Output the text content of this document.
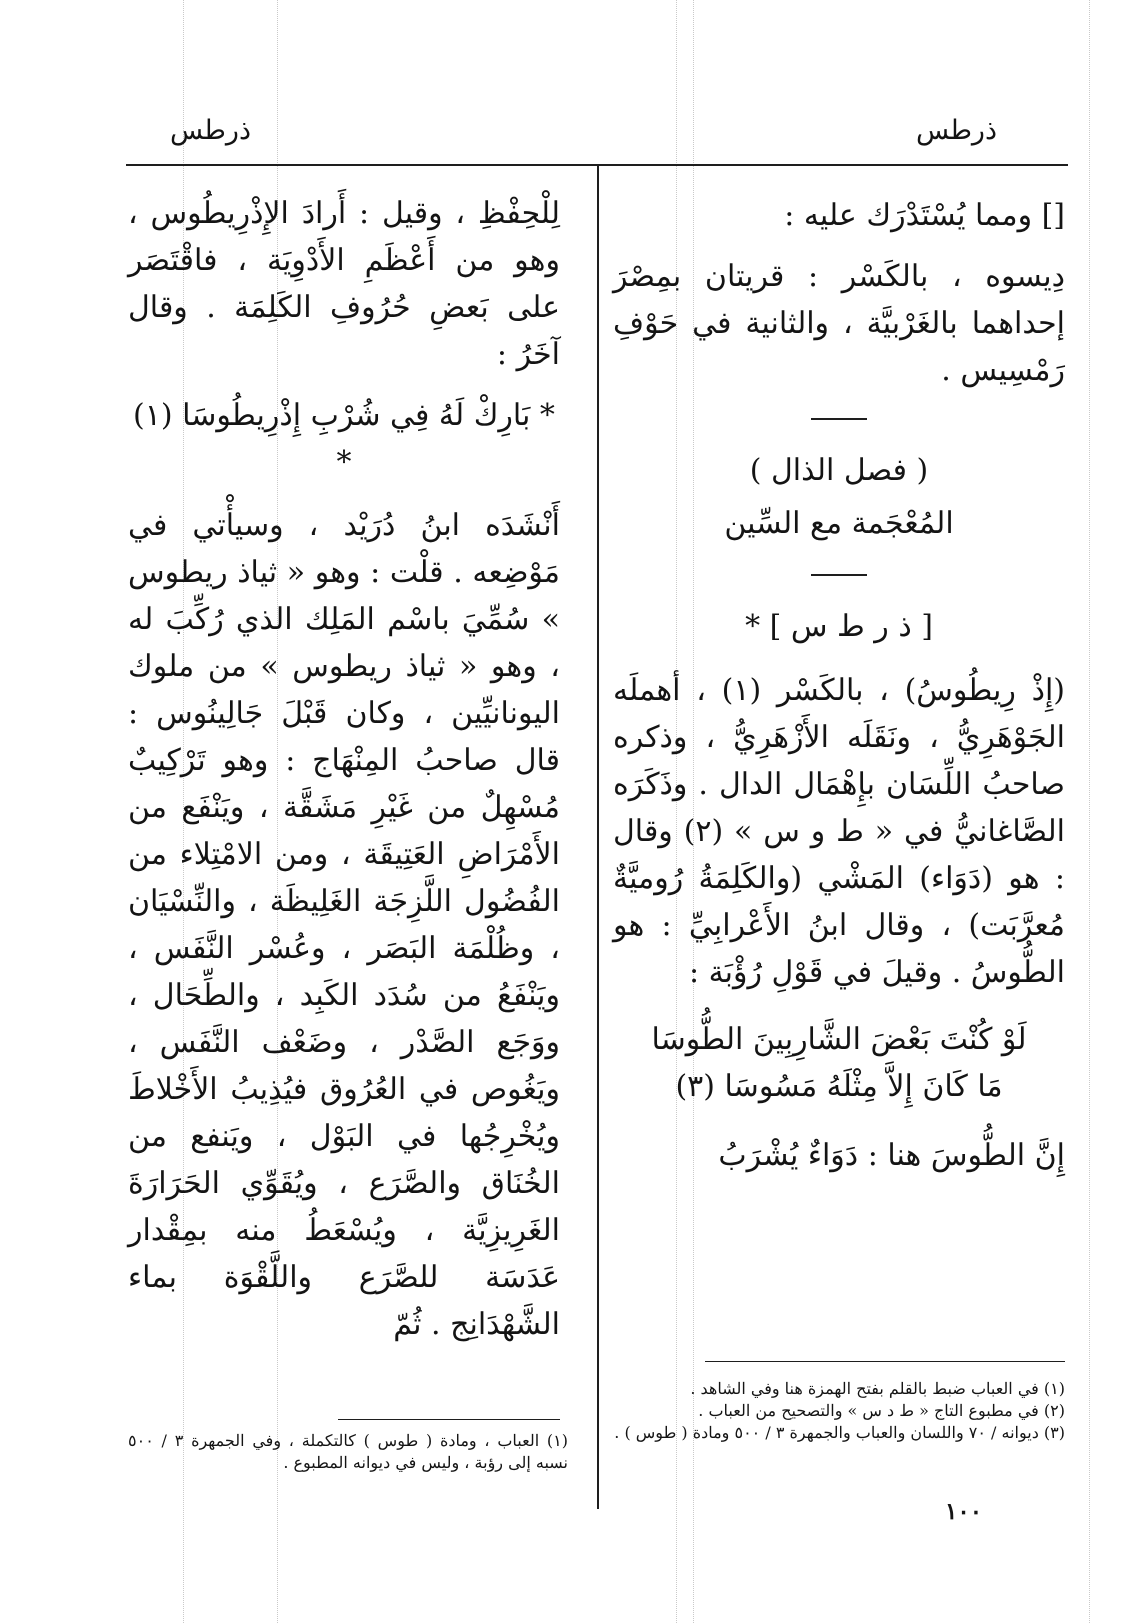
ذرطس
ذرطس

[] ومما يُسْتَدْرَك عليه :

دِيسوه ، بالكَسْر : قريتان بمِصْرَ إحداهما بالغَرْبيَّة ، والثانية في حَوْفِ رَمْسِيس .

( فصل الذال )

المُعْجَمة مع السِّين

[ ذ ر ط س ] *

(إِذْ رِيطُوسُ) ، بالكَسْر (١) ، أهملَه الجَوْهَرِيُّ ، ونَقَلَه الأَزْهَرِيُّ ، وذكره صاحبُ اللِّسَان بإِهْمَال الدال . وذَكَرَه الصَّاغانيُّ في « ط و س » (٢) وقال : هو (دَوَاء) المَشْي (والكَلِمَةُ رُوميَّةٌ مُعرَّبَت) ، وقال ابنُ الأَعْرابِيِّ : هو الطُّوسُ . وقيلَ في قَوْلِ رُؤْبَة :

لَوْ كُنْتَ بَعْضَ الشَّارِبِينَ الطُّوسَا

مَا كَانَ إِلاَّ مِثْلَهُ مَسُوسَا (٣)

إِنَّ الطُّوسَ هنا : دَوَاءٌ يُشْرَبُ

لِلْحِفْظِ ، وقيل : أَرادَ الإِذْرِيطُوس ، وهو من أَعْظَمِ الأَدْوِيَة ، فاقْتَصَر على بَعضِ حُرُوفِ الكَلِمَة . وقال آخَرُ :

* بَارِكْ لَهُ فِي شُرْبِ إِذْرِيطُوسَا (١) *

أَنْشَدَه ابنُ دُرَيْد ، وسيأْتي في مَوْضِعه . قلْت : وهو « ثياذ ريطوس » سُمِّيَ باسْم المَلِك الذي رُكِّبَ له ، وهو « ثياذ ريطوس » من ملوك اليونانيِّين ، وكان قَبْلَ جَالِينُوس : قال صاحبُ المِنْهَاج : وهو تَرْكِيبٌ مُسْهِلٌ من غَيْرِ مَشَقَّة ، ويَنْفَع من الأَمْرَاضِ العَتِيقَة ، ومن الامْتِلاء من الفُضُول اللَّزِجَة الغَلِيظَة ، والنِّسْيَان ، وظُلْمَة البَصَر ، وعُسْر النَّفَس ، ويَنْفَعُ من سُدَد الكَبِد ، والطِّحَال ، ووَجَع الصَّدْر ، وضَعْف النَّفَس ، ويَغُوص في العُرُوق فيُذِيبُ الأَخْلاطَ ويُخْرِجُها في البَوْل ، ويَنفع من الخُنَاق والصَّرَع ، ويُقَوِّي الحَرَارَةَ الغَرِيزِيَّة ، ويُسْعَطُ منه بمِقْدار عَدَسَة للصَّرَع واللَّقْوَة بماء الشَّهْدَانِج . ثُمّ

(١) في العباب ضبط بالقلم بفتح الهمزة هنا وفي الشاهد .

(٢) في مطبوع التاج « ط د س » والتصحيح من العباب .

(٣) ديوانه / ٧٠ واللسان والعباب والجمهرة ٣ / ٥٠٠ ومادة ( طوس ) .

(١) العباب ، ومادة ( طوس ) كالتكملة ، وفي الجمهرة ٣ / ٥٠٠ نسبه إلى رؤبة ، وليس في ديوانه المطبوع .

١٠٠
